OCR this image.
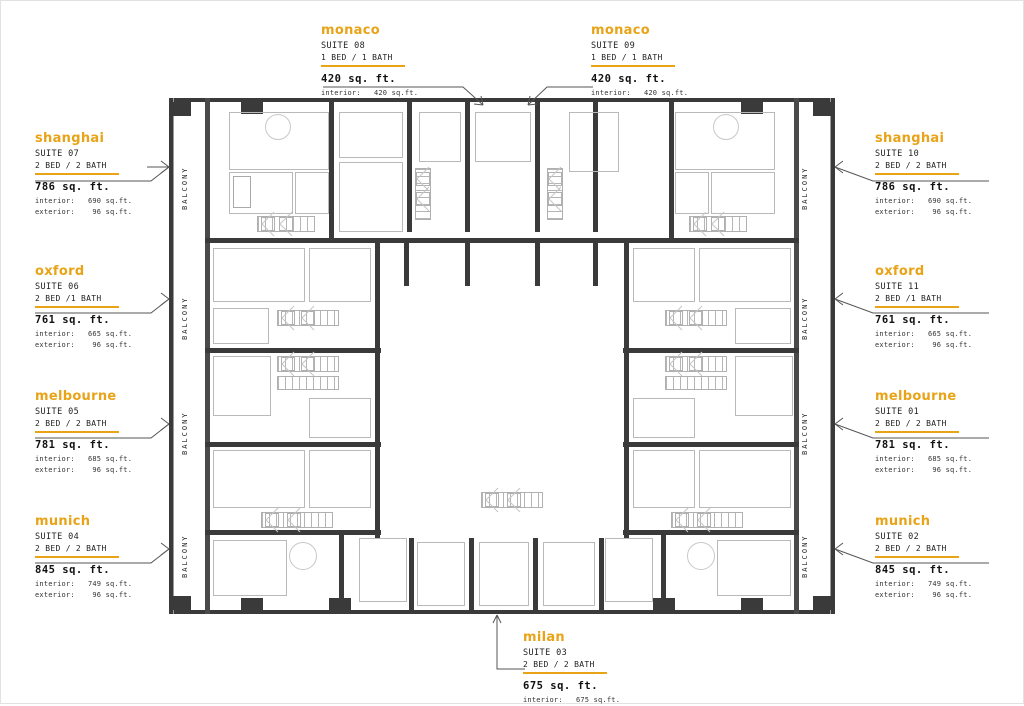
BALCONY
BALCONY
BALCONY
BALCONY
BALCONY
BALCONY
BALCONY
BALCONY
shanghai
SUITE 07
2 BED / 2 BATH
786 sq. ft.
interior:   690 sq.ft.
exterior:    96 sq.ft.
oxford
SUITE 06
2 BED /1 BATH
761 sq. ft.
interior:   665 sq.ft.
exterior:    96 sq.ft.
melbourne
SUITE 05
2 BED / 2 BATH
781 sq. ft.
interior:   685 sq.ft.
exterior:    96 sq.ft.
munich
SUITE 04
2 BED / 2 BATH
845 sq. ft.
interior:   749 sq.ft.
exterior:    96 sq.ft.
shanghai
SUITE 10
2 BED / 2 BATH
786 sq. ft.
interior:   690 sq.ft.
exterior:    96 sq.ft.
oxford
SUITE 11
2 BED /1 BATH
761 sq. ft.
interior:   665 sq.ft.
exterior:    96 sq.ft.
melbourne
SUITE 01
2 BED / 2 BATH
781 sq. ft.
interior:   685 sq.ft.
exterior:    96 sq.ft.
munich
SUITE 02
2 BED / 2 BATH
845 sq. ft.
interior:   749 sq.ft.
exterior:    96 sq.ft.
monaco
SUITE 08
1 BED / 1 BATH
420 sq. ft.
interior:   420 sq.ft.
monaco
SUITE 09
1 BED / 1 BATH
420 sq. ft.
interior:   420 sq.ft.
milan
SUITE 03
2 BED / 2 BATH
675 sq. ft.
interior:   675 sq.ft.
